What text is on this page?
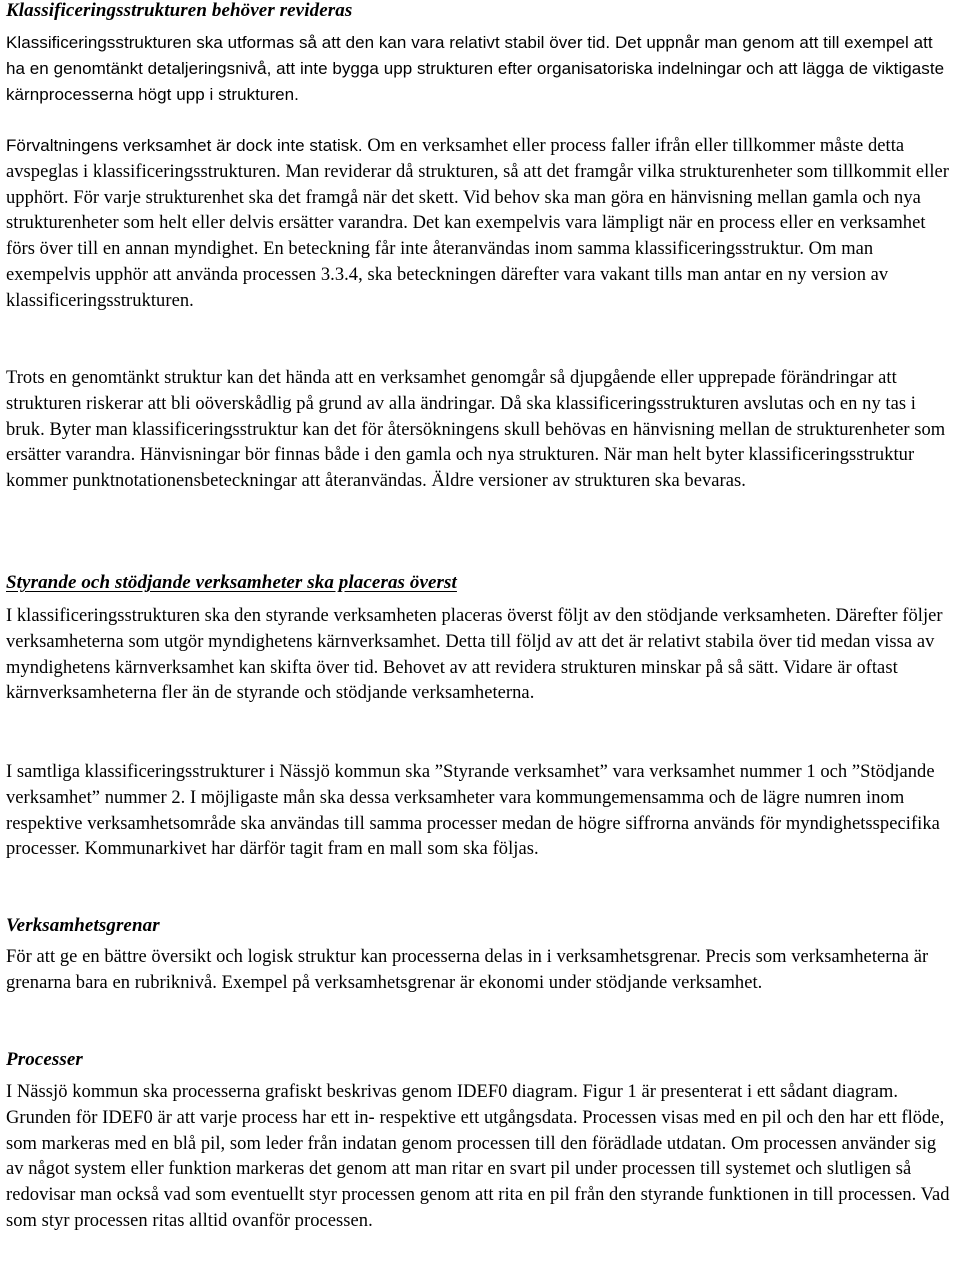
Klassificeringsstrukturen behöver revideras

Klassificeringsstrukturen ska utformas så att den kan vara relativt stabil över tid. Det uppnår man genom att till exempel att ha en genomtänkt detaljeringsnivå, att inte bygga upp strukturen efter organisatoriska indelningar och att lägga de viktigaste kärnprocesserna högt upp i strukturen.

Förvaltningens verksamhet är dock inte statisk. Om en verksamhet eller process faller ifrån eller tillkommer måste detta avspeglas i klassificeringsstrukturen. Man reviderar då strukturen, så att det framgår vilka strukturenheter som tillkommit eller upphört. För varje strukturenhet ska det framgå när det skett. Vid behov ska man göra en hänvisning mellan gamla och nya strukturenheter som helt eller delvis ersätter varandra. Det kan exempelvis vara lämpligt när en process eller en verksamhet förs över till en annan myndighet. En beteckning får inte återanvändas inom samma klassificeringsstruktur. Om man exempelvis upphör att använda processen 3.3.4, ska beteckningen därefter vara vakant tills man antar en ny version av klassificeringsstrukturen.

Trots en genomtänkt struktur kan det hända att en verksamhet genomgår så djupgående eller upprepade förändringar att strukturen riskerar att bli oöverskådlig på grund av alla ändringar. Då ska klassificeringsstrukturen avslutas och en ny tas i bruk. Byter man klassificeringsstruktur kan det för återsökningens skull behövas en hänvisning mellan de strukturenheter som ersätter varandra. Hänvisningar bör finnas både i den gamla och nya strukturen. När man helt byter klassificeringsstruktur kommer punktnotationensbeteckningar att återanvändas. Äldre versioner av strukturen ska bevaras.

Styrande och stödjande verksamheter ska placeras överst

I klassificeringsstrukturen ska den styrande verksamheten placeras överst följt av den stödjande verksamheten. Därefter följer verksamheterna som utgör myndighetens kärnverksamhet. Detta till följd av att det är relativt stabila över tid medan vissa av myndighetens kärnverksamhet kan skifta över tid. Behovet av att revidera strukturen minskar på så sätt. Vidare är oftast kärnverksamheterna fler än de styrande och stödjande verksamheterna.

I samtliga klassificeringsstrukturer i Nässjö kommun ska ”Styrande verksamhet” vara verksamhet nummer 1 och ”Stödjande verksamhet” nummer 2. I möjligaste mån ska dessa verksamheter vara kommungemensamma och de lägre numren inom respektive verksamhetsområde ska användas till samma processer medan de högre siffrorna används för myndighetsspecifika processer. Kommunarkivet har därför tagit fram en mall som ska följas.

Verksamhetsgrenar

För att ge en bättre översikt och logisk struktur kan processerna delas in i verksamhetsgrenar. Precis som verksamheterna är grenarna bara en rubriknivå. Exempel på verksamhetsgrenar är ekonomi under stödjande verksamhet.

Processer

I Nässjö kommun ska processerna grafiskt beskrivas genom IDEF0 diagram. Figur 1 är presenterat i ett sådant diagram. Grunden för IDEF0 är att varje process har ett in- respektive ett utgångsdata. Processen visas med en pil och den har ett flöde, som markeras med en blå pil, som leder från indatan genom processen till den förädlade utdatan. Om processen använder sig av något system eller funktion markeras det genom att man ritar en svart pil under processen till systemet och slutligen så redovisar man också vad som eventuellt styr processen genom att rita en pil från den styrande funktionen in till processen. Vad som styr processen ritas alltid ovanför processen.
